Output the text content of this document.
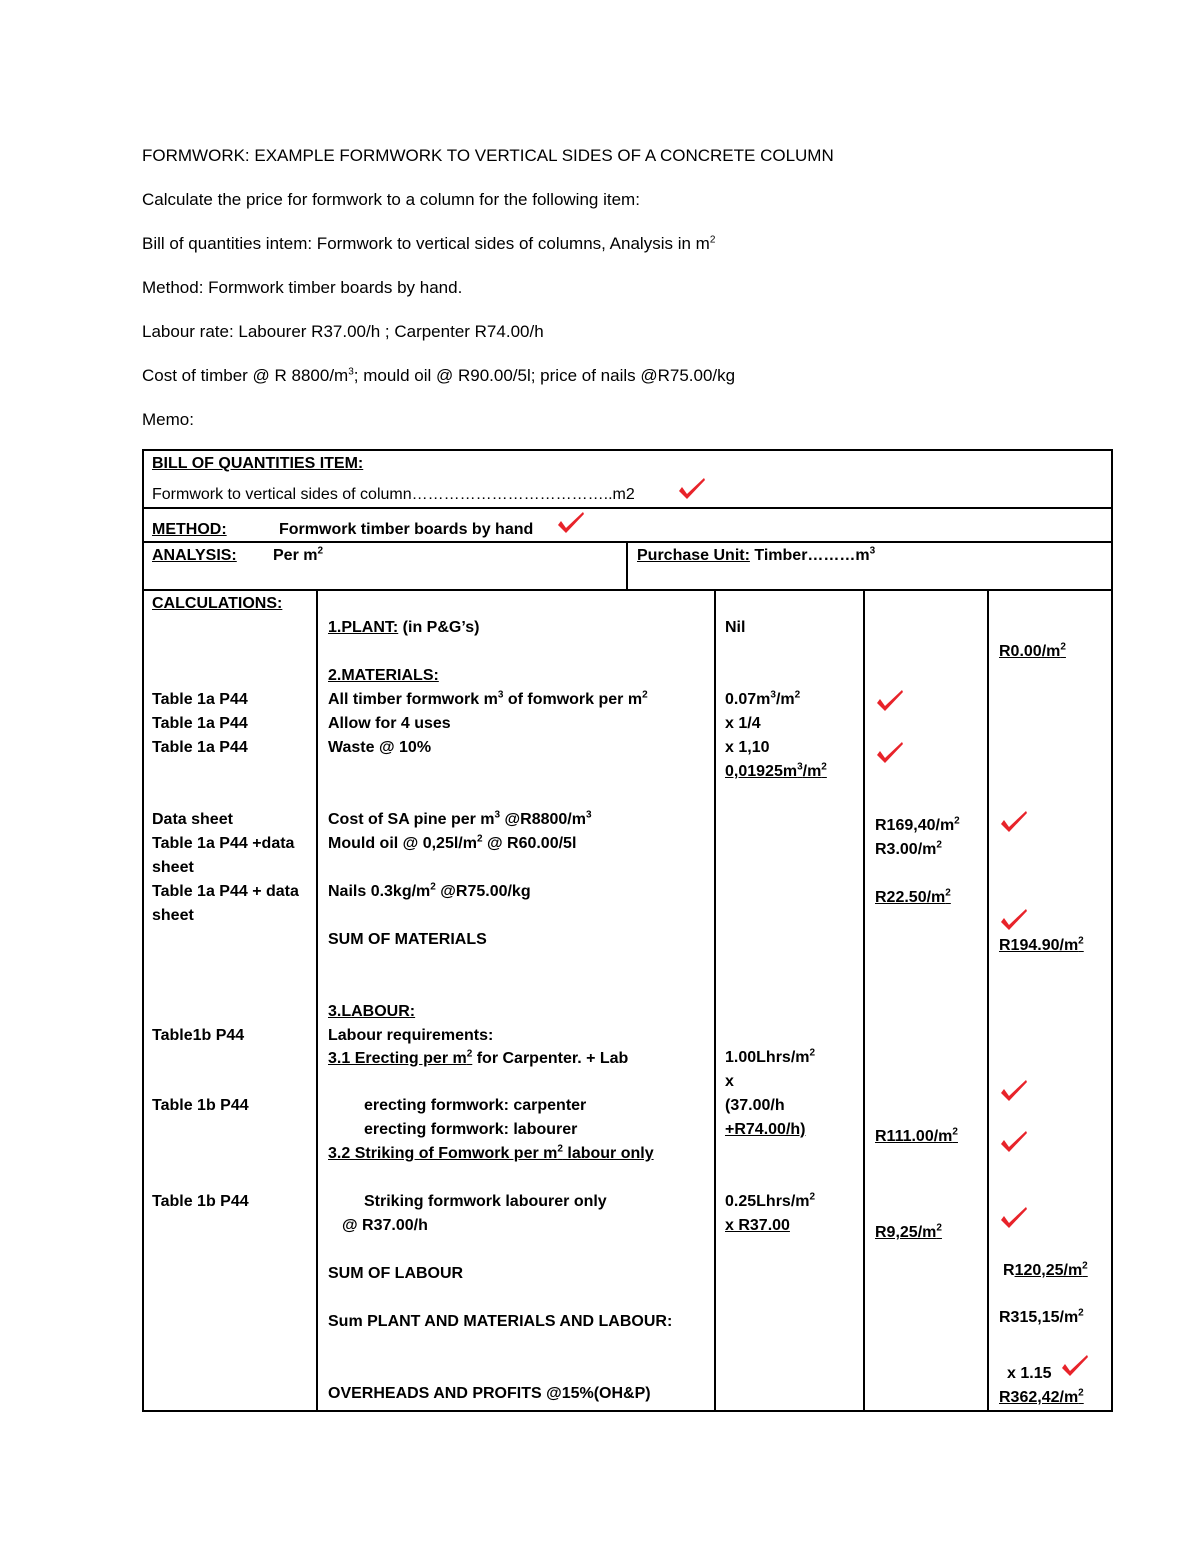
FORMWORK: EXAMPLE FORMWORK TO VERTICAL SIDES OF A CONCRETE COLUMN
Calculate the price for formwork to a column for the following item:
Bill of quantities intem: Formwork to vertical sides of columns, Analysis in $m^2$
Method: Formwork timber boards by hand.
Labour rate: Labourer R37.00/h ; Carpenter R74.00/h
Cost of timber @ R $8800/m^3$; mould oil @ R90.00/5l; price of nails @R75.00/kg
Memo:
BILL OF QUANTITIES ITEM:
Formwork to vertical sides of column………………………………..m2
METHOD:	Formwork timber boards by hand
ANALYSIS: Per $m^2$	Purchase Unit: $Timber\dots\dots\dots m^3$
CALCULATIONS:
Table 1a P44
Table 1a P44
Table 1a P44
Data sheet
Table 1a P44 +data
sheet
Table 1a P44 + data
sheet
Table1b P44
Table 1b P44
Table 1b P44
1.PLANT: (in P&G’s)
2.MATERIALS:
All timber formwork $m^3$ of fomwork per $m^2$
Allow for 4 uses
Waste @ 10%
Cost of SA pine per $m^3$ $@R8800/m^3$
Mould oil @ $0,25l/m^2$ @ R60.00/5l
Nails $0.3kg/m^2$ @R75.00/kg
SUM OF MATERIALS
3.LABOUR:
Labour requirements:
3.1 Erecting per $m^2$ for Carpenter. + Lab
erecting formwork: carpenter
erecting formwork: labourer
3.2 Striking of Fomwork per $m^2$ labour only
Striking formwork labourer only
@ R37.00/h
SUM OF LABOUR
Sum PLANT AND MATERIALS AND LABOUR:
OVERHEADS AND PROFITS @15%(OH&P)
Nil
$0.07m^3/m^2$
x 1/4
x 1,10
$0,01925m^3/m^2$
$1.00Lhrs/m^2$
x
(37.00/h
+R74.00/h)
$0.25Lhrs/m^2$
x R37.00
$R169,40/m^2$
$R3.00/m^2$
$R22.50/m^2$
$R111.00/m^2$
$R9,25/m^2$
$R0.00/m^2$
$R194.90/m^2$
$R120,25/m^2$
$R315,15/m^2$
x 1.15
$R362,42/m^2$
